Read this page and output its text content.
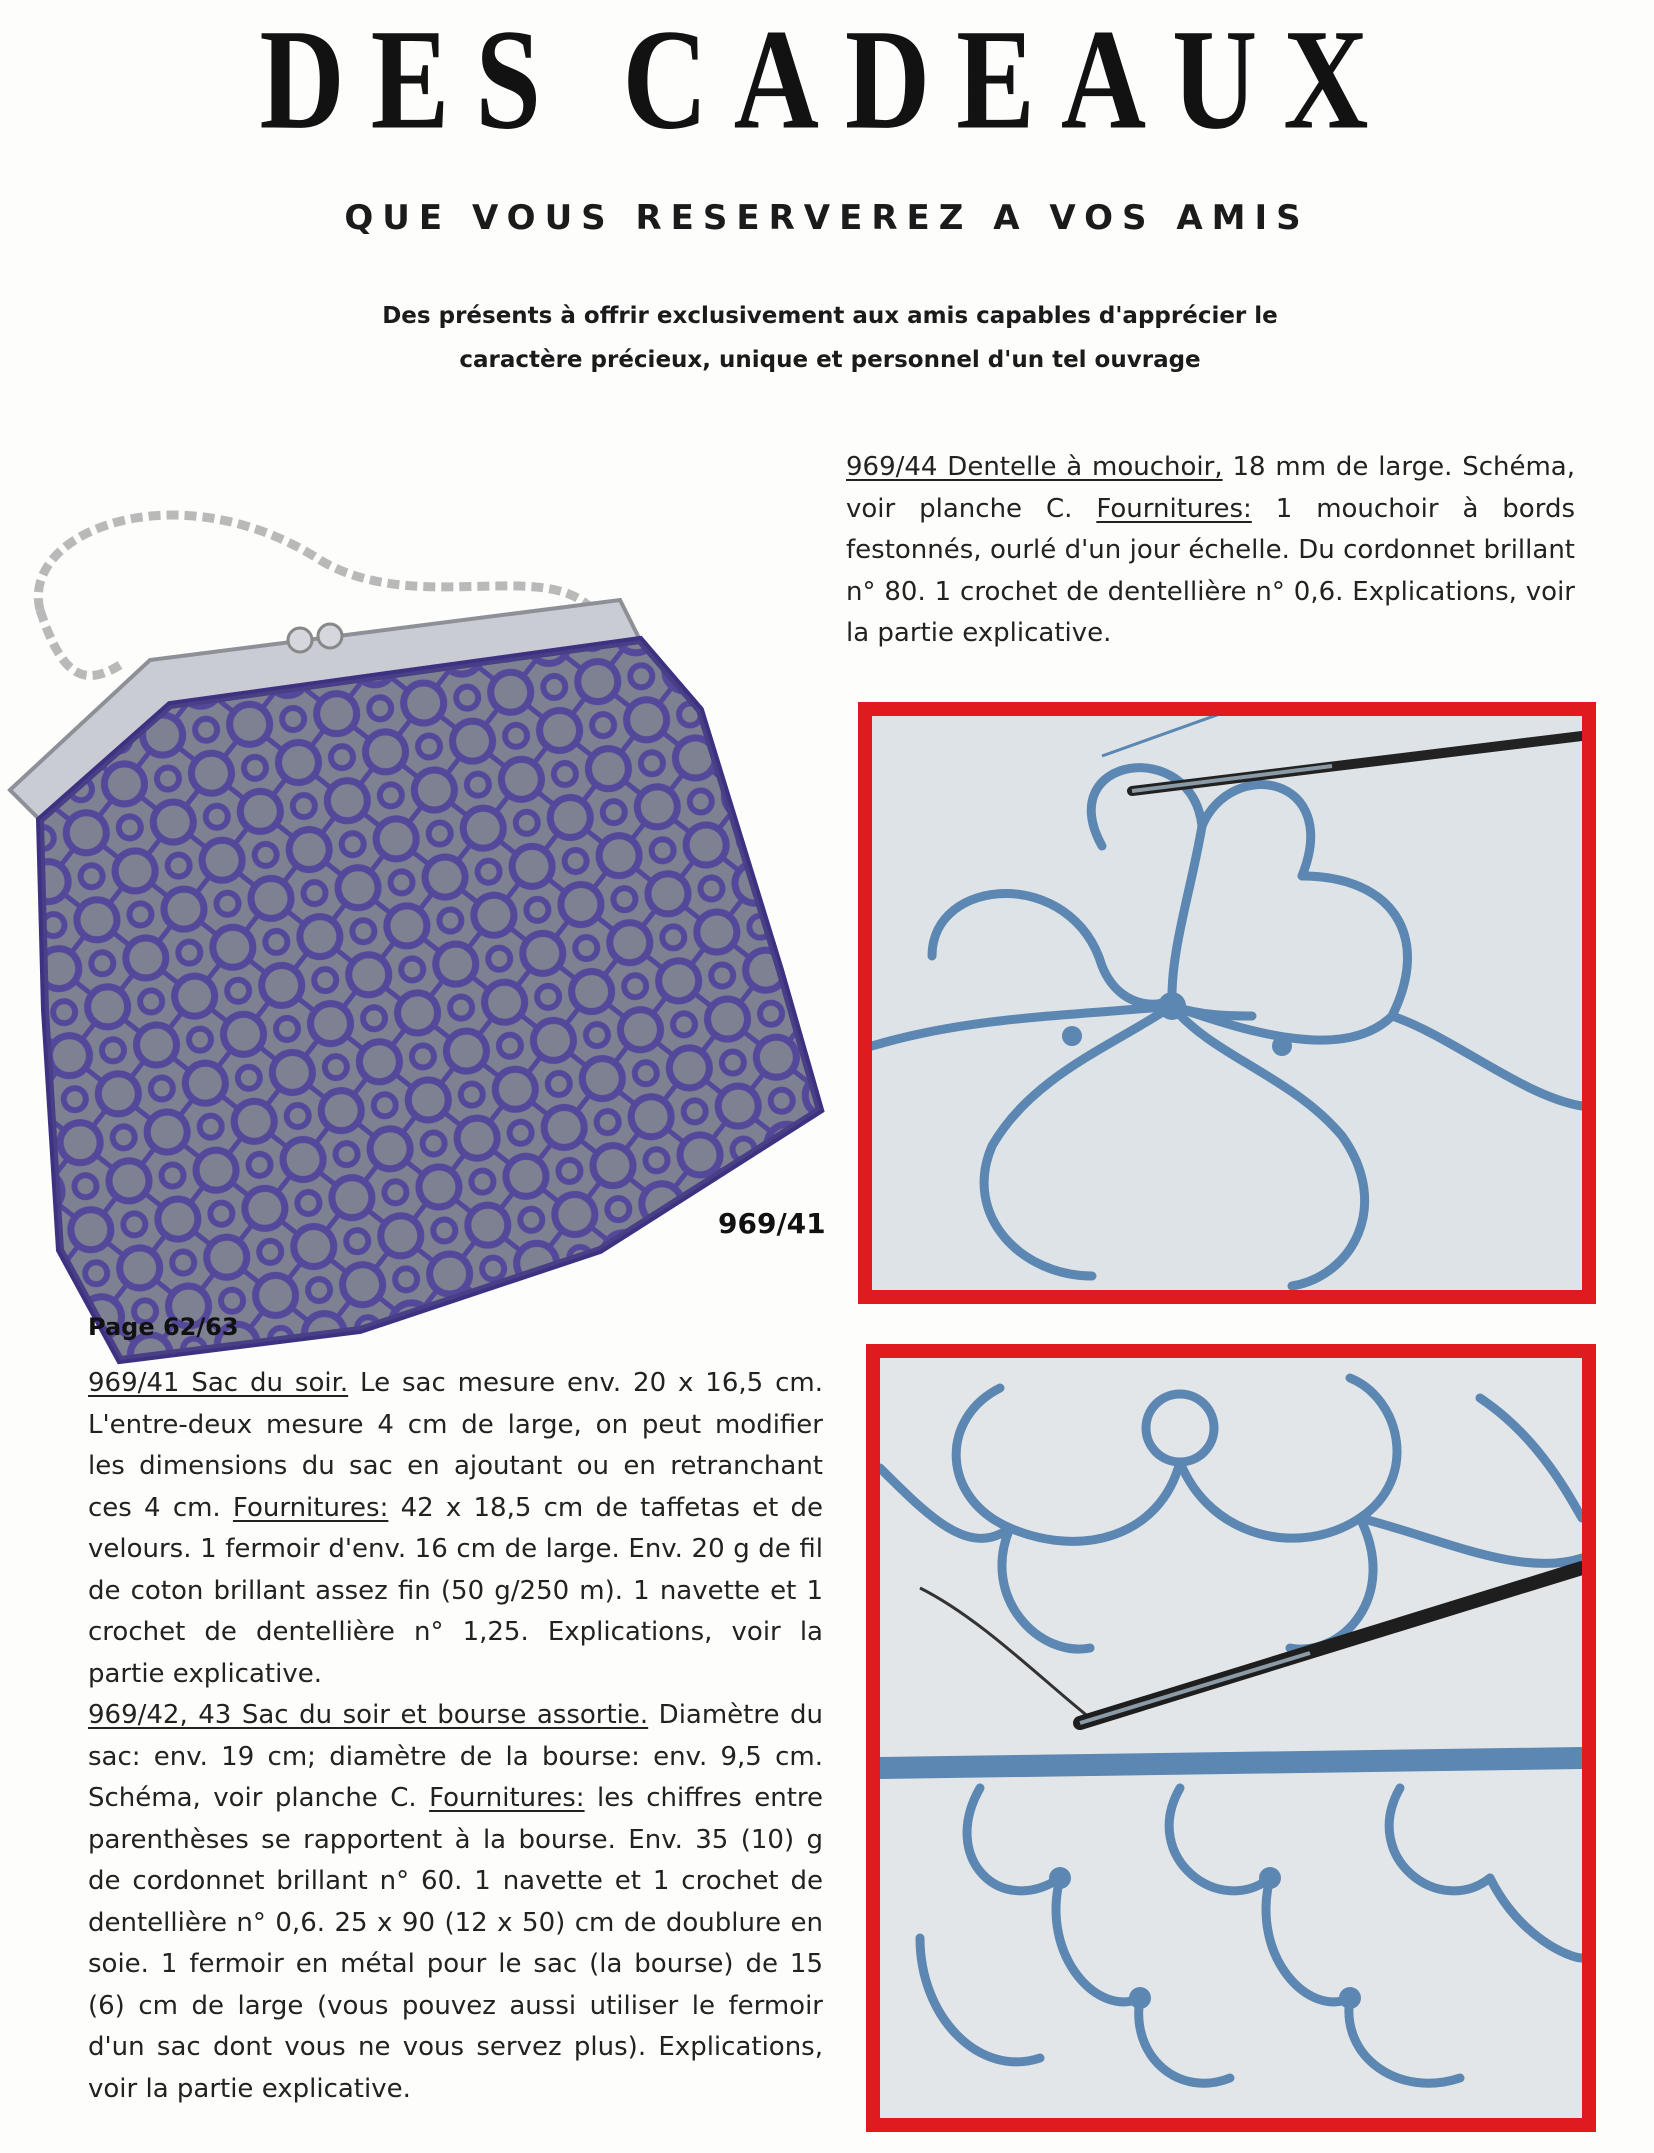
DES CADEAUX
QUE VOUS RESERVEREZ A VOS AMIS
Des présents à offrir exclusivement aux amis capables d'apprécier le
caractère précieux, unique et personnel d'un tel ouvrage
969/44 Dentelle à mouchoir, 18 mm de large. Schéma, voir planche C. Fournitures: 1 mouchoir à bords festonnés, ourlé d'un jour échelle. Du cordonnet brillant n° 80. 1 crochet de dentellière n° 0,6. Explications, voir la partie explicative.
969/41
Page 62/63
969/41 Sac du soir. Le sac mesure env. 20 x 16,5 cm. L'entre-deux mesure 4 cm de large, on peut modifier les dimensions du sac en ajoutant ou en retranchant ces 4 cm. Fournitures: 42 x 18,5 cm de taffetas et de velours. 1 fermoir d'env. 16 cm de large. Env. 20 g de fil de coton brillant assez fin (50 g/250 m). 1 navette et 1 crochet de dentellière n° 1,25. Explications, voir la partie explicative.
969/42, 43 Sac du soir et bourse assortie. Diamètre du sac: env. 19 cm; diamètre de la bourse: env. 9,5 cm. Schéma, voir planche C. Fournitures: les chiffres entre parenthèses se rapportent à la bourse. Env. 35 (10) g de cordonnet brillant n° 60. 1 navette et 1 crochet de dentellière n° 0,6. 25 x 90 (12 x 50) cm de doublure en soie. 1 fermoir en métal pour le sac (la bourse) de 15 (6) cm de large (vous pouvez aussi utiliser le fermoir d'un sac dont vous ne vous servez plus). Explications, voir la partie explicative.
